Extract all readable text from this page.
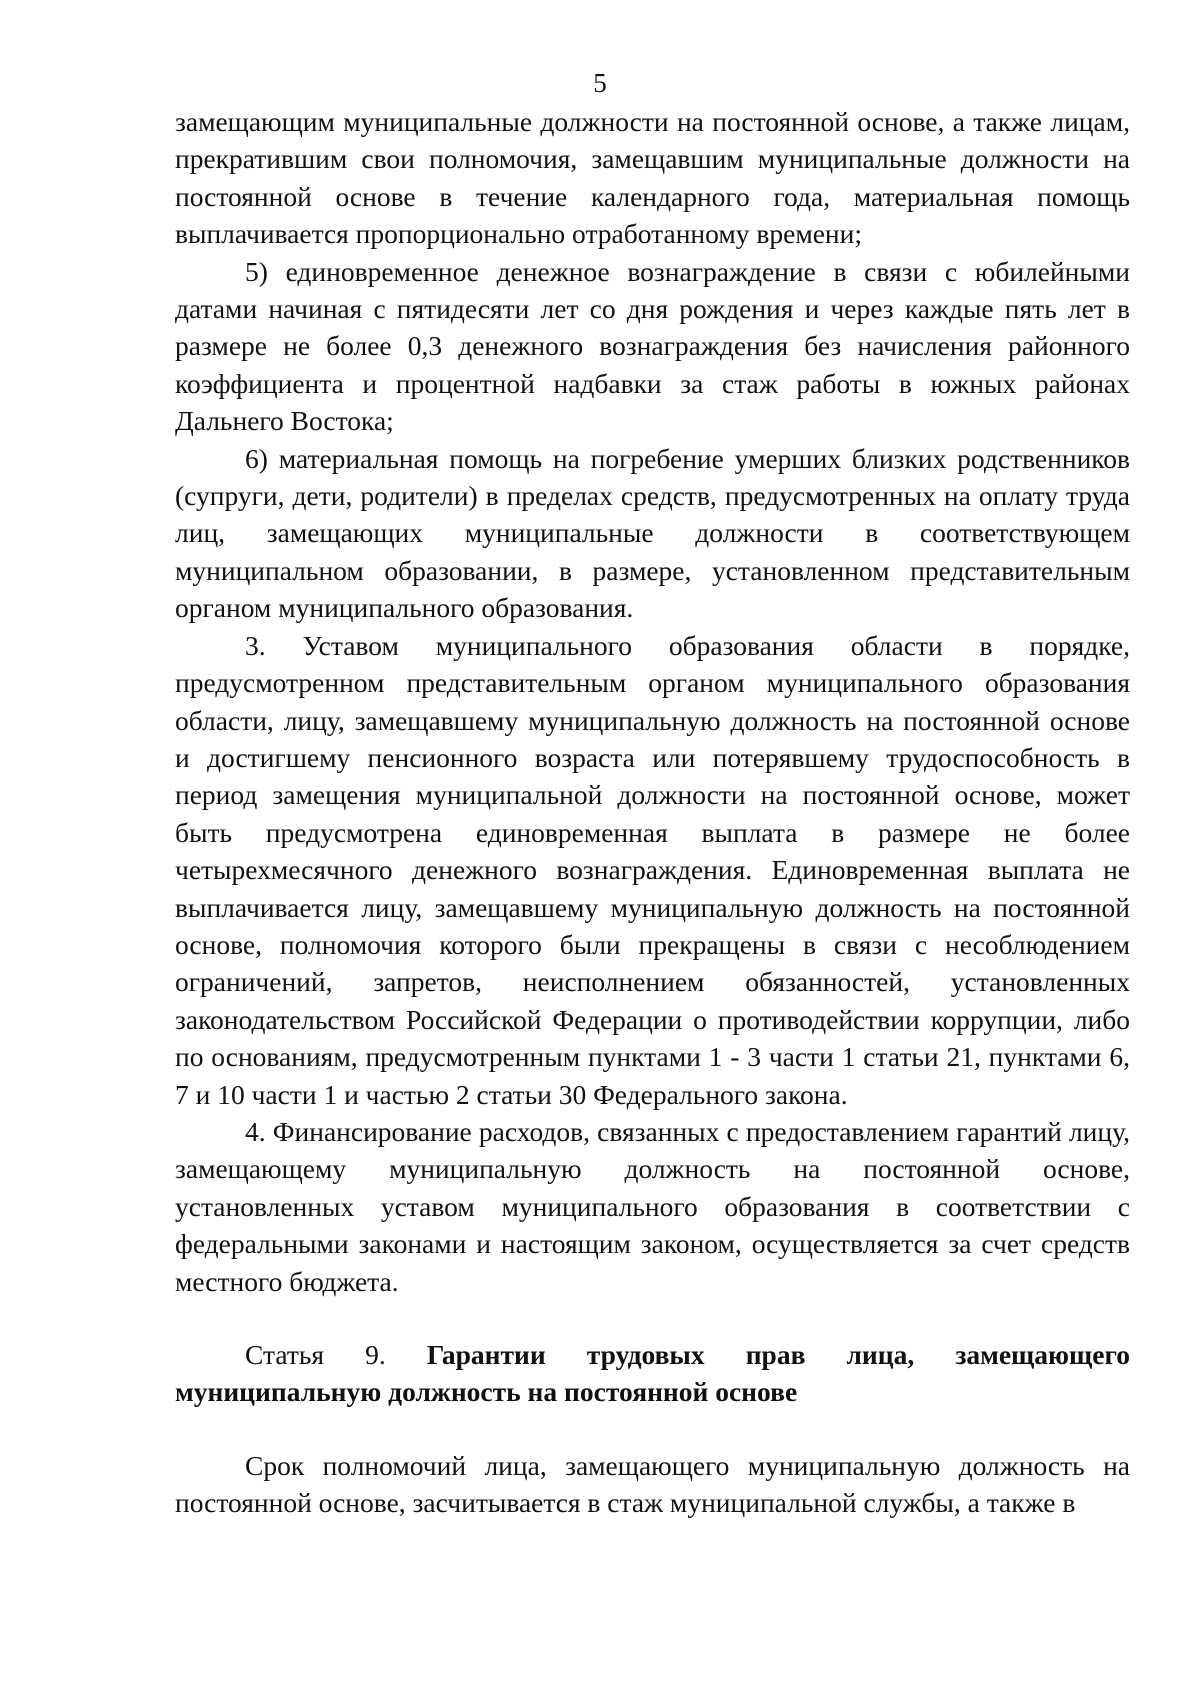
5

замещающим муниципальные должности на постоянной основе, а также лицам, прекратившим свои полномочия, замещавшим муниципальные должности на постоянной основе в течение календарного года, материальная помощь выплачивается пропорционально отработанному времени;

5) единовременное денежное вознаграждение в связи с юбилейными датами начиная с пятидесяти лет со дня рождения и через каждые пять лет в размере не более 0,3 денежного вознаграждения без начисления районного коэффициента и процентной надбавки за стаж работы в южных районах Дальнего Востока;

6) материальная помощь на погребение умерших близких родственников (супруги, дети, родители) в пределах средств, предусмотренных на оплату труда лиц, замещающих муниципальные должности в соответствующем муниципальном образовании, в размере, установленном представительным органом муниципального образования.

3. Уставом муниципального образования области в порядке, предусмотренном представительным органом муниципального образования области, лицу, замещавшему муниципальную должность на постоянной основе и достигшему пенсионного возраста или потерявшему трудоспособность в период замещения муниципальной должности на постоянной основе, может быть предусмотрена единовременная выплата в размере не более четырехмесячного денежного вознаграждения. Единовременная выплата не выплачивается лицу, замещавшему муниципальную должность на постоянной основе, полномочия которого были прекращены в связи с несоблюдением ограничений, запретов, неисполнением обязанностей, установленных законодательством Российской Федерации о противодействии коррупции, либо по основаниям, предусмотренным пунктами 1 - 3 части 1 статьи 21, пунктами 6, 7 и 10 части 1 и частью 2 статьи 30 Федерального закона.

4. Финансирование расходов, связанных с предоставлением гарантий лицу, замещающему муниципальную должность на постоянной основе, установленных уставом муниципального образования в соответствии с федеральными законами и настоящим законом, осуществляется за счет средств местного бюджета.

Статья 9. Гарантии трудовых прав лица, замещающего муниципальную должность на постоянной основе

Срок полномочий лица, замещающего муниципальную должность на постоянной основе, засчитывается в стаж муниципальной службы, а также в
